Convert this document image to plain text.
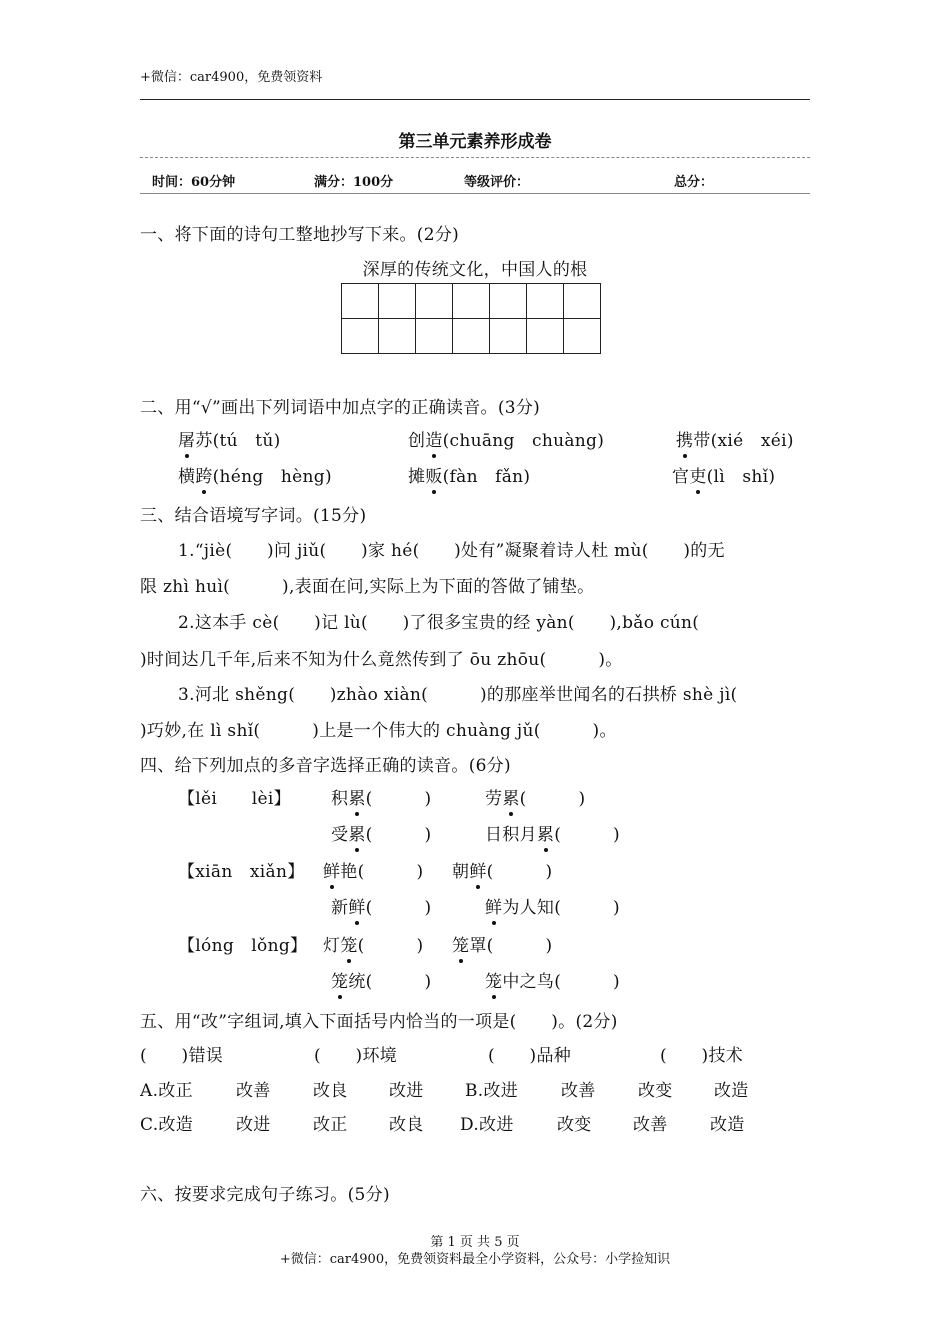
+微信：car4900，免费领资料
第三单元素养形成卷
时间：60分钟	满分：100分	等级评价：	总分：
一、将下面的诗句工整地抄写下来。(2分)
深厚的传统文化，中国人的根

二、用“√”画出下列词语中加点字的正确读音。(3分)
屠苏(tú　tǔ)	创造(chuāng　chuàng)	携带(xié　xéi)
横跨(héng　hèng)	摊贩(fàn　fǎn)	官吏(lì　shǐ)
三、结合语境写字词。(15分)
1.“jiè(　　)问 jiǔ(　　)家 hé(　　)处有”凝聚着诗人杜 mù(　　)的无
限 zhì huì(　　　),表面在问,实际上为下面的答做了铺垫。
2.这本手 cè(　　)记 lù(　　)了很多宝贵的经 yàn(　　),bǎo cún(
)时间达几千年,后来不知为什么竟然传到了 ōu zhōu(　　　)。
3.河北 shěng(　　)zhào xiàn(　　　)的那座举世闻名的石拱桥 shè jì(
)巧妙,在 lì shǐ(　　　)上是一个伟大的 chuàng jǔ(　　　)。
四、给下列加点的多音字选择正确的读音。(6分)
【lěi　　lèi】 积累(　　　)	劳累(　　　)
受累(　　　)	日积月累(　　　)
【xiān　xiǎn】 鲜艳(　　　) 朝鲜(　　　)
新鲜(　　　)	鲜为人知(　　　)
【lóng　lǒng】 灯笼(　　　) 笼罩(　　　)
笼统(　　　)	笼中之鸟(　　　)
五、用“改”字组词,填入下面括号内恰当的一项是(　　)。(2分)
(　　)错误	(　　)环境	(　　)品种	(　　)技术
A.改正	改善 改良 改进 B.改进	改善 改变 改造
C.改造	改进 改正 改良 D.改进	改变 改善 改造
六、按要求完成句子练习。(5分)
第 1 页 共 5 页
+微信：car4900，免费领资料最全小学资料，公众号：小学捡知识
